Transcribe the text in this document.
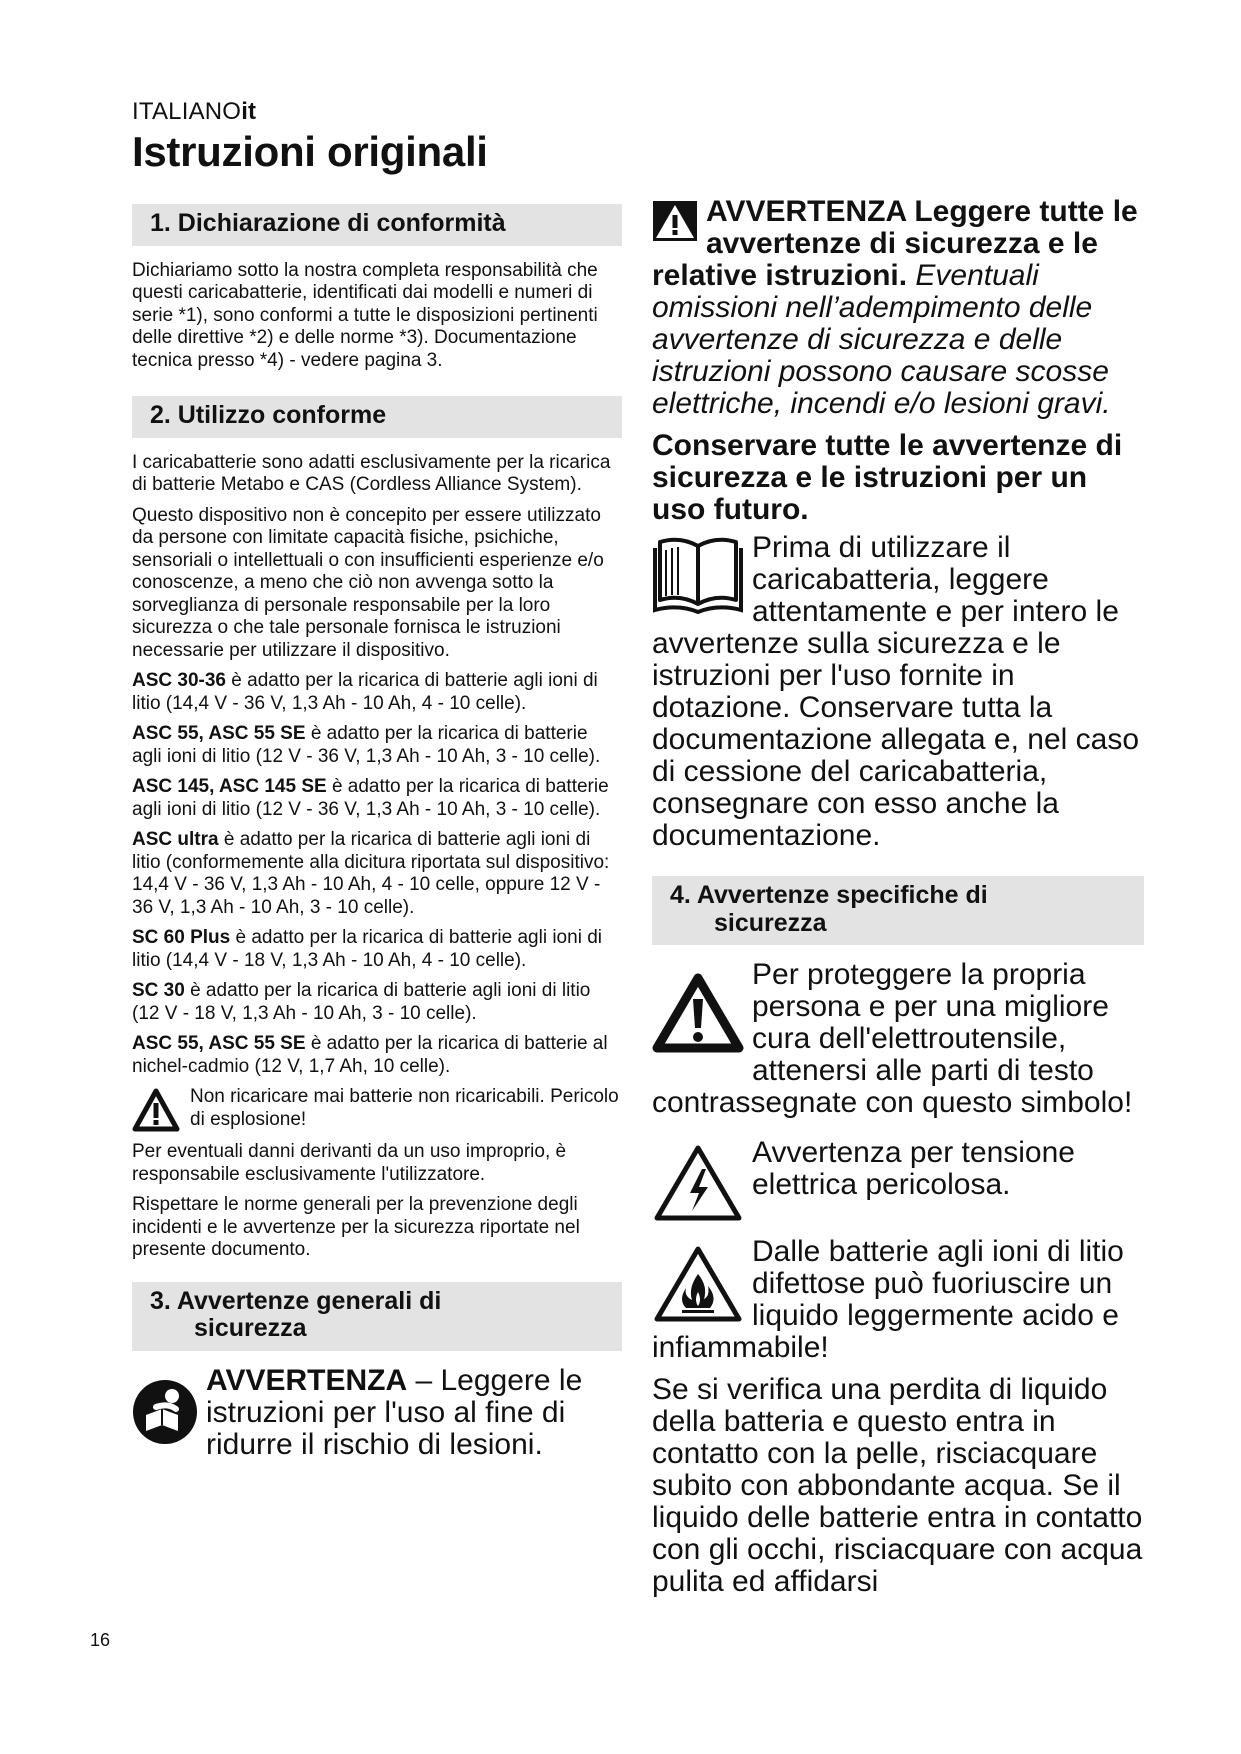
ITALIANOit
Istruzioni originali
1. Dichiarazione di conformità

Dichiariamo sotto la nostra completa responsabilità che questi caricabatterie, identificati dai modelli e numeri di serie *1), sono conformi a tutte le disposizioni pertinenti delle direttive *2) e delle norme *3). Documentazione tecnica presso *4) - vedere pagina 3.

2. Utilizzo conforme

I caricabatterie sono adatti esclusivamente per la ricarica di batterie Metabo e CAS (Cordless Alliance System).

Questo dispositivo non è concepito per essere utilizzato da persone con limitate capacità fisiche, psichiche, sensoriali o intellettuali o con insufficienti esperienze e/o conoscenze, a meno che ciò non avvenga sotto la sorveglianza di personale responsabile per la loro sicurezza o che tale personale fornisca le istruzioni necessarie per utilizzare il dispositivo.

ASC 30-36 è adatto per la ricarica di batterie agli ioni di litio (14,4 V - 36 V, 1,3 Ah - 10 Ah, 4 - 10 celle).

ASC 55, ASC 55 SE è adatto per la ricarica di batterie agli ioni di litio (12 V - 36 V, 1,3 Ah - 10 Ah, 3 - 10 celle).

ASC 145, ASC 145 SE è adatto per la ricarica di batterie agli ioni di litio (12 V - 36 V, 1,3 Ah - 10 Ah, 3 - 10 celle).

ASC ultra è adatto per la ricarica di batterie agli ioni di litio (conformemente alla dicitura riportata sul dispositivo: 14,4 V - 36 V, 1,3 Ah - 10 Ah, 4 - 10 celle, oppure 12 V - 36 V, 1,3 Ah - 10 Ah, 3 - 10 celle).

SC 60 Plus è adatto per la ricarica di batterie agli ioni di litio (14,4 V - 18 V, 1,3 Ah - 10 Ah, 4 - 10 celle).

SC 30 è adatto per la ricarica di batterie agli ioni di litio (12 V - 18 V, 1,3 Ah - 10 Ah, 3 - 10 celle).

ASC 55, ASC 55 SE è adatto per la ricarica di batterie al nichel-cadmio (12 V, 1,7 Ah, 10 celle).

Non ricaricare mai batterie non ricaricabili. Pericolo di esplosione!

Per eventuali danni derivanti da un uso improprio, è responsabile esclusivamente l'utilizzatore.

Rispettare le norme generali per la prevenzione degli incidenti e le avvertenze per la sicurezza riportate nel presente documento.

3. Avvertenze generali di
sicurezza

AVVERTENZA – Leggere le istruzioni per l'uso al fine di ridurre il rischio di lesioni.

AVVERTENZA Leggere tutte le avvertenze di sicurezza e le relative istruzioni. Eventuali omissioni nell’adempimento delle avvertenze di sicurezza e delle istruzioni possono causare scosse elettriche, incendi e/o lesioni gravi.

Conservare tutte le avvertenze di sicurezza e le istruzioni per un uso futuro.

Prima di utilizzare il caricabatteria, leggere attentamente e per intero le avvertenze sulla sicurezza e le istruzioni per l'uso fornite in dotazione. Conservare tutta la documentazione allegata e, nel caso di cessione del caricabatteria, consegnare con esso anche la documentazione.

4. Avvertenze specifiche di
sicurezza

Per proteggere la propria persona e per una migliore cura dell'elettroutensile, attenersi alle parti di testo contrassegnate con questo simbolo!

Avvertenza per tensione elettrica pericolosa.

Dalle batterie agli ioni di litio difettose può fuoriuscire un liquido leggermente acido e infiammabile!

Se si verifica una perdita di liquido della batteria e questo entra in contatto con la pelle, risciacquare subito con abbondante acqua. Se il liquido delle batterie entra in contatto con gli occhi, risciacquare con acqua pulita ed affidarsi

16
